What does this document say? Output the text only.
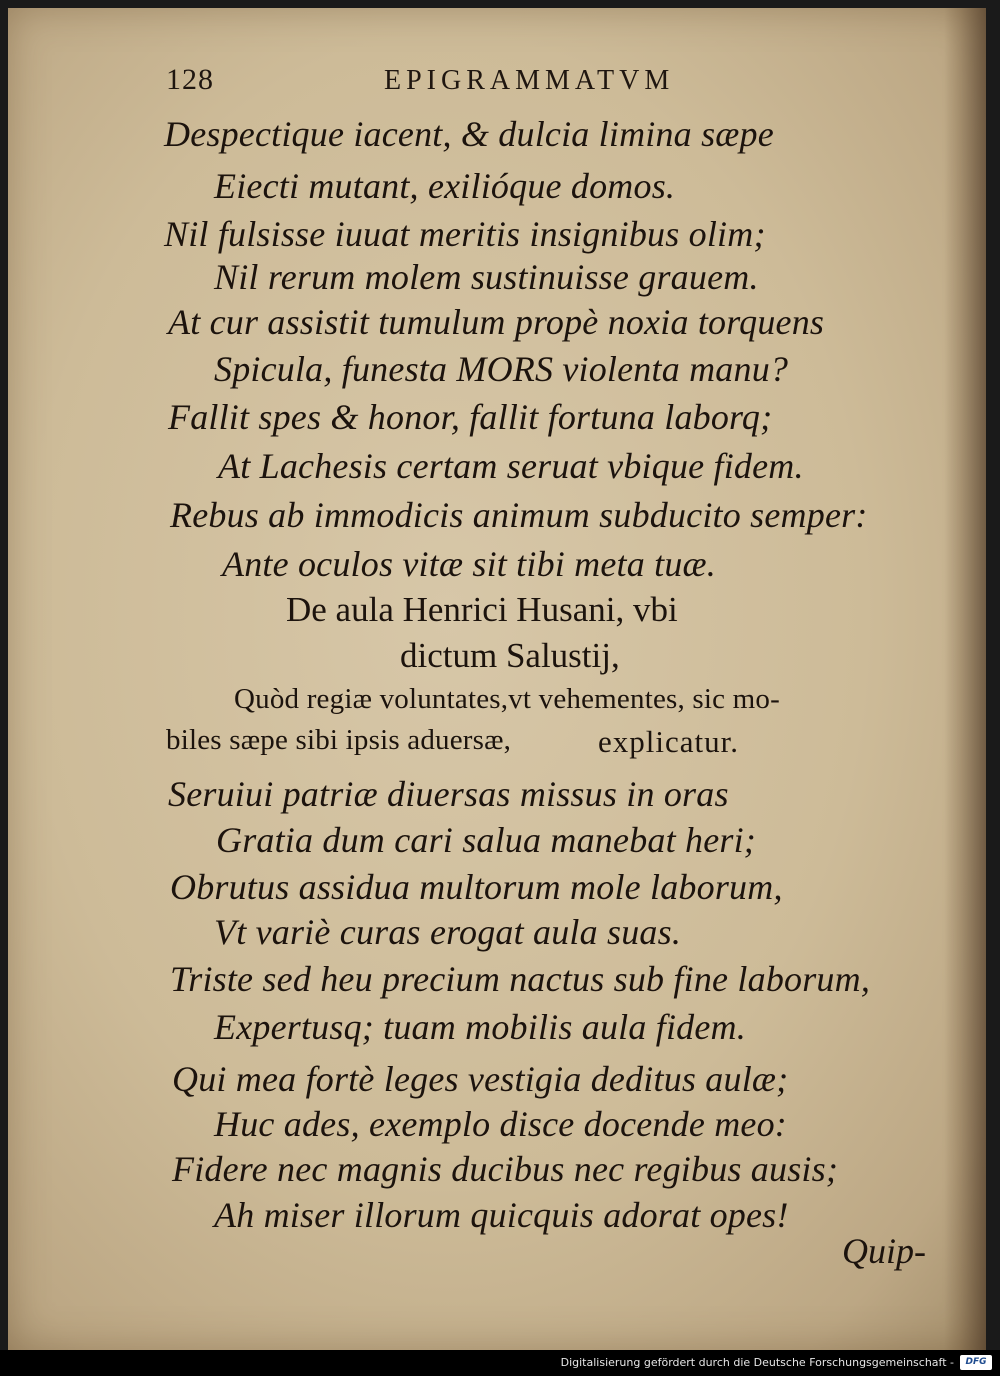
128	EPIGRAMMATVM
Despectique iacent, & dulcia limina sæpe
Eiecti mutant, exilióque domos.
Nil fulsisse iuuat meritis insignibus olim;
Nil rerum molem sustinuisse grauem.
At cur assistit tumulum propè noxia torquens
Spicula, funesta MORS violenta manu?
Fallit spes & honor, fallit fortuna laborq;
At Lachesis certam seruat vbique fidem.
Rebus ab immodicis animum subducito semper:
Ante oculos vitæ sit tibi meta tuæ.
De aula Henrici Husani, vbi
dictum Salustij,
Quòd regiæ voluntates,vt vehementes, sic mo-
biles sæpe sibi ipsis aduersæ,	explicatur.
Seruiui patriæ diuersas missus in oras
Gratia dum cari salua manebat heri;
Obrutus assidua multorum mole laborum,
Vt variè curas erogat aula suas.
Triste sed heu precium nactus sub fine laborum,
Expertusq; tuam mobilis aula fidem.
Qui mea fortè leges vestigia deditus aulæ;
Huc ades, exemplo disce docende meo:
Fidere nec magnis ducibus nec regibus ausis;
Ah miser illorum quicquis adorat opes!
Quip-
Digitalisierung gefördert durch die Deutsche Forschungsgemeinschaft -	DFG
